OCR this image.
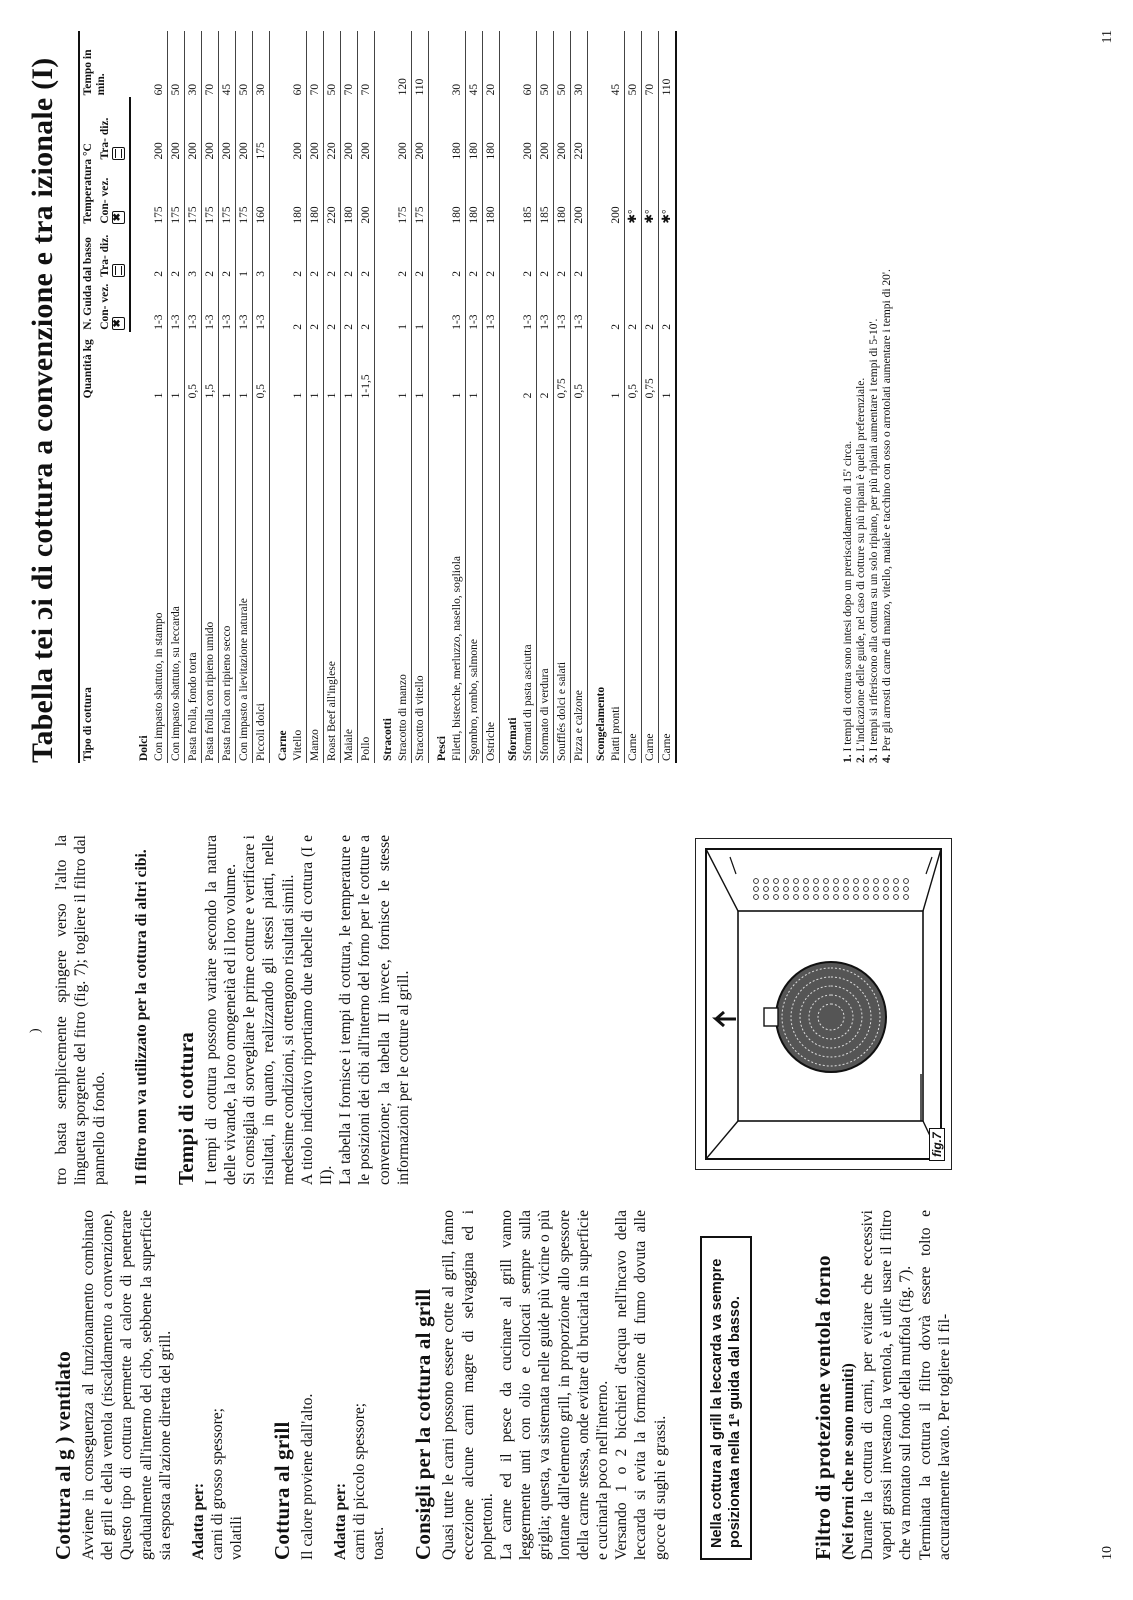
Cottura al g ) ventilato Avviene in conseguenza al funzionamento combinato del grill e della ventola (riscaldamento a convenzione). Questo tipo di cottura permette al calore di penetrare gradualmente all'interno del cibo, sebbene la superficie sia esposta all'azione diretta del grill. Adatta per: carni di grosso spessore; volatili Cottura al grill Il calore proviene dall'alto. Adatta per: carni di piccolo spessore; toast. Consigli per la cottura al grill Quasi tutte le carni possono essere cotte al grill, fanno eccezione alcune carni magre di selvaggina ed i polpettoni. La carne ed il pesce da cucinare al grill vanno leggermente unti con olio e collocati sempre sulla griglia; questa, va sistemata nelle guide più vicine o più lontane dall'elemento grill, in proporzione allo spessore della carne stessa, onde evitare di bruciarla in superficie e cucinarla poco nell'interno. Versando 1 o 2 bicchieri d'acqua nell'incavo della leccarda si evita la formazione di fumo dovuta alle gocce di sughi e grassi.	Nella cottura al grill la leccarda va sempre posizionata nella 1ª guida dal basso.	Filtro di protezione ventola forno (Nei forni che ne sono muniti) Durante la cottura di carni, per evitare che eccessivi vapori grassi investano la ventola, è utile usare il filtro che va montato sul fondo della muffola (fig. 7). Terminata la cottura il filtro dovrà essere tolto e accuratamente lavato. Per togliere il fil-

) tro basta semplicemente spingere verso l'alto la linguetta sporgente del fitro (fig. 7); togliere il filtro dal pannello di fondo. Il filtro non va utilizzato per la cottura di altri cibi. Tempi di cottura I tempi di cottura possono variare secondo la natura delle vivande, la loro omogeneità ed il loro volume. Si consiglia di sorvegliare le prime cotture e verificare i risultati, in quanto, realizzando gli stessi piatti, nelle medesime condizioni, si ottengono risultati simili. A titolo indicativo riportiamo due tabelle di cottura (I e II). La tabella I fornisce i tempi di cottura, le temperature e le posizioni dei cibi all'interno del forno per le cotture a convenzione; la tabella II invece, fornisce le stesse informazioni per le cotture al grill.	fig.7
10
Tabella tei ɔi di cottura a convenzione e tra izionale (I) Tipo di cottura	Quantità kg	N. Guida dal basso		Temperatura °C		Tempo in min.
		Con- vez.
✖	Tra- diz.	Con- vez.
✖	Tra- diz.	

Dolci						
Con impasto sbattuto, in stampo	1	1-3	2	175	200	60
Con impasto sbattuto, su leccarda	1	1-3	2	175	200	50
Pasta frolla, fondo torta	0,5	1-3	3	175	200	30
Pasta frolla con ripieno umido	1,5	1-3	2	175	200	70
Pasta frolla con ripieno secco	1	1-3	2	175	200	45
Con impasto a lievitazione naturale	1	1-3	1	175	200	50
Piccoli dolci	0,5	1-3	3	160	175	30
Carne						
Vitello	1	2	2	180	200	60
Manzo	1	2	2	180	200	70
Roast Beef all'inglese	1	2	2	220	220	50
Maiale	1	2	2	180	200	70
Pollo	1-1,5	2	2	200	200	70
Stracotti						
Stracotto di manzo	1	1	2	175	200	120
Stracotto di vitello	1	1	2	175	200	110
Pesci						
Filetti, bistecche, merluzzo, nasello, sogliola	1	1-3	2	180	180	30
Sgombro, rombo, salmone	1	1-3	2	180	180	45
Ostriche		1-3	2	180	180	20
Sformati						
Sformati di pasta asciutta	2	1-3	2	185	200	60
Sformato di verdura	2	1-3	2	185	200	50
Soufflés dolci e salati	0,75	1-3	2	180	200	50
Pizza e calzone	0,5	1-3	2	200	220	30
Scongelamento						
Piatti pronti	1	2		200		45
Carne	0,5	2		✱°		50
Carne	0,75	2		✱°		70
Carne	1	2		✱°		110

1. I tempi di cottura sono intesi dopo un preriscaldamento di 15' circa.

2. L'indicazione delle guide, nel caso di cotture su più ripiani è quella preferenziale.

3. I tempi si riferiscono alla cottura su un solo ripiano, per più ripiani aumentare i tempi di 5-10'.

4. Per gli arrosti di carne di manzo, vitello, maiale e tacchino con osso o arrotolati aumentare i tempi di 20'.

11
